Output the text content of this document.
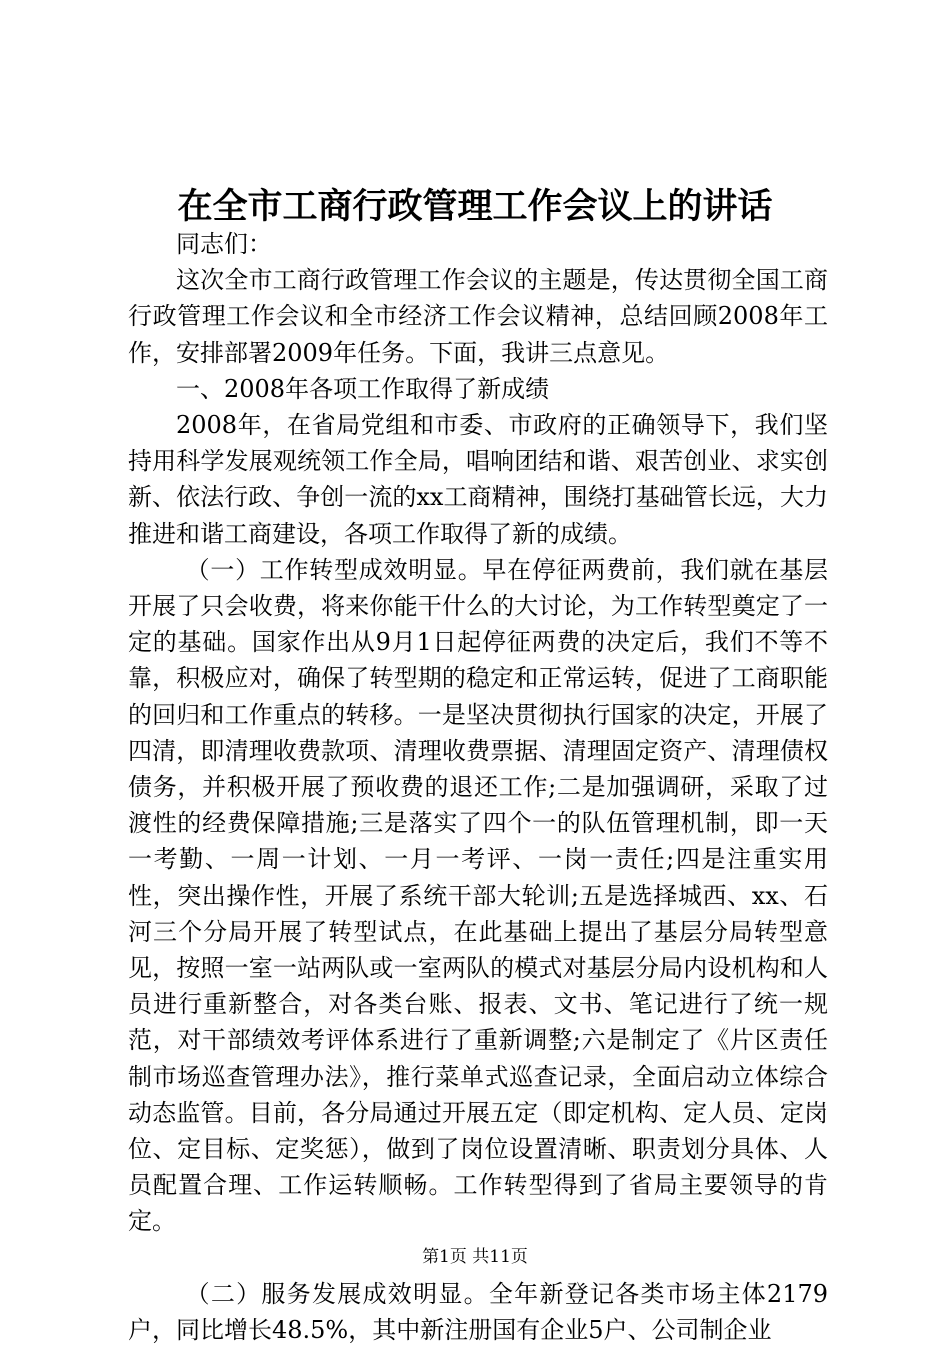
在全市工商行政管理工作会议上的讲话

同志们：

这次全市工商行政管理工作会议的主题是，传达贯彻全国工商行政管理工作会议和全市经济工作会议精神，总结回顾2008年工作，安排部署2009年任务。下面，我讲三点意见。

一、2008年各项工作取得了新成绩

2008年，在省局党组和市委、市政府的正确领导下，我们坚持用科学发展观统领工作全局，唱响团结和谐、艰苦创业、求实创新、依法行政、争创一流的xx工商精神，围绕打基础管长远，大力推进和谐工商建设，各项工作取得了新的成绩。

（一）工作转型成效明显。早在停征两费前，我们就在基层开展了只会收费，将来你能干什么的大讨论，为工作转型奠定了一定的基础。国家作出从9月1日起停征两费的决定后，我们不等不靠，积极应对，确保了转型期的稳定和正常运转，促进了工商职能的回归和工作重点的转移。一是坚决贯彻执行国家的决定，开展了四清，即清理收费款项、清理收费票据、清理固定资产、清理债权债务，并积极开展了预收费的退还工作;二是加强调研，采取了过渡性的经费保障措施;三是落实了四个一的队伍管理机制，即一天一考勤、一周一计划、一月一考评、一岗一责任;四是注重实用性，突出操作性，开展了系统干部大轮训;五是选择城西、xx、石河三个分局开展了转型试点，在此基础上提出了基层分局转型意见，按照一室一站两队或一室两队的模式对基层分局内设机构和人员进行重新整合，对各类台账、报表、文书、笔记进行了统一规范，对干部绩效考评体系进行了重新调整;六是制定了《片区责任制市场巡查管理办法》，推行菜单式巡查记录，全面启动立体综合动态监管。目前，各分局通过开展五定（即定机构、定人员、定岗位、定目标、定奖惩），做到了岗位设置清晰、职责划分具体、人员配置合理、工作运转顺畅。工作转型得到了省局主要领导的肯定。

（二）服务发展成效明显。全年新登记各类市场主体2179户，同比增长48.5%，其中新注册国有企业5户、公司制企业

第1页 共11页
